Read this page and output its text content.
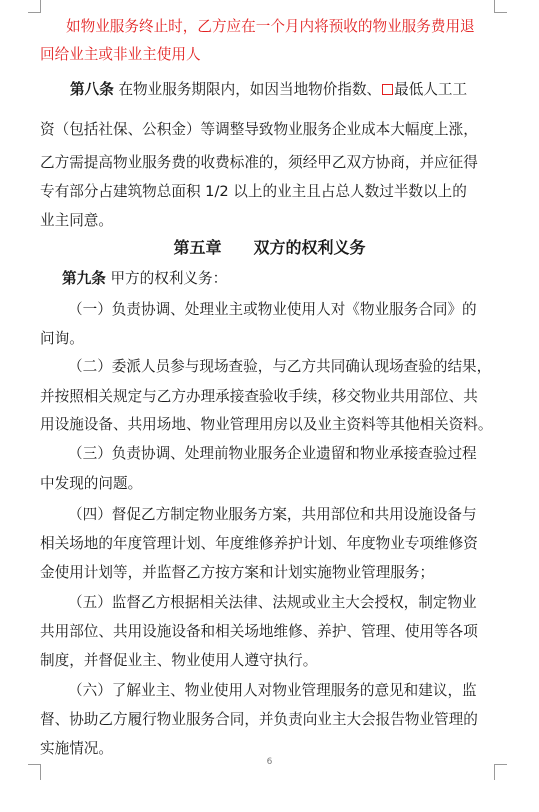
如物业服务终止时，乙方应在一个月内将预收的物业服务费用退
回给业主或非业主使用人
第八条 在物业服务期限内，如因当地物价指数、 最低人工工
资（包括社保、公积金）等调整导致物业服务企业成本大幅度上涨，
乙方需提高物业服务费的收费标准的，须经甲乙双方协商，并应征得
专有部分占建筑物总面积 1/2 以上的业主且占总人数过半数以上的
业主同意。
第五章　　双方的权利义务
第九条 甲方的权利义务：
（一）负责协调、处理业主或物业使用人对《物业服务合同》的
问询。
（二）委派人员参与现场查验，与乙方共同确认现场查验的结果，
并按照相关规定与乙方办理承接查验收手续，移交物业共用部位、共
用设施设备、共用场地、物业管理用房以及业主资料等其他相关资料。
（三）负责协调、处理前物业服务企业遗留和物业承接查验过程
中发现的问题。
（四）督促乙方制定物业服务方案，共用部位和共用设施设备与
相关场地的年度管理计划、年度维修养护计划、年度物业专项维修资
金使用计划等，并监督乙方按方案和计划实施物业管理服务；
（五）监督乙方根据相关法律、法规或业主大会授权，制定物业
共用部位、共用设施设备和相关场地维修、养护、管理、使用等各项
制度，并督促业主、物业使用人遵守执行。
（六）了解业主、物业使用人对物业管理服务的意见和建议，监
督、协助乙方履行物业服务合同，并负责向业主大会报告物业管理的
实施情况。
6
